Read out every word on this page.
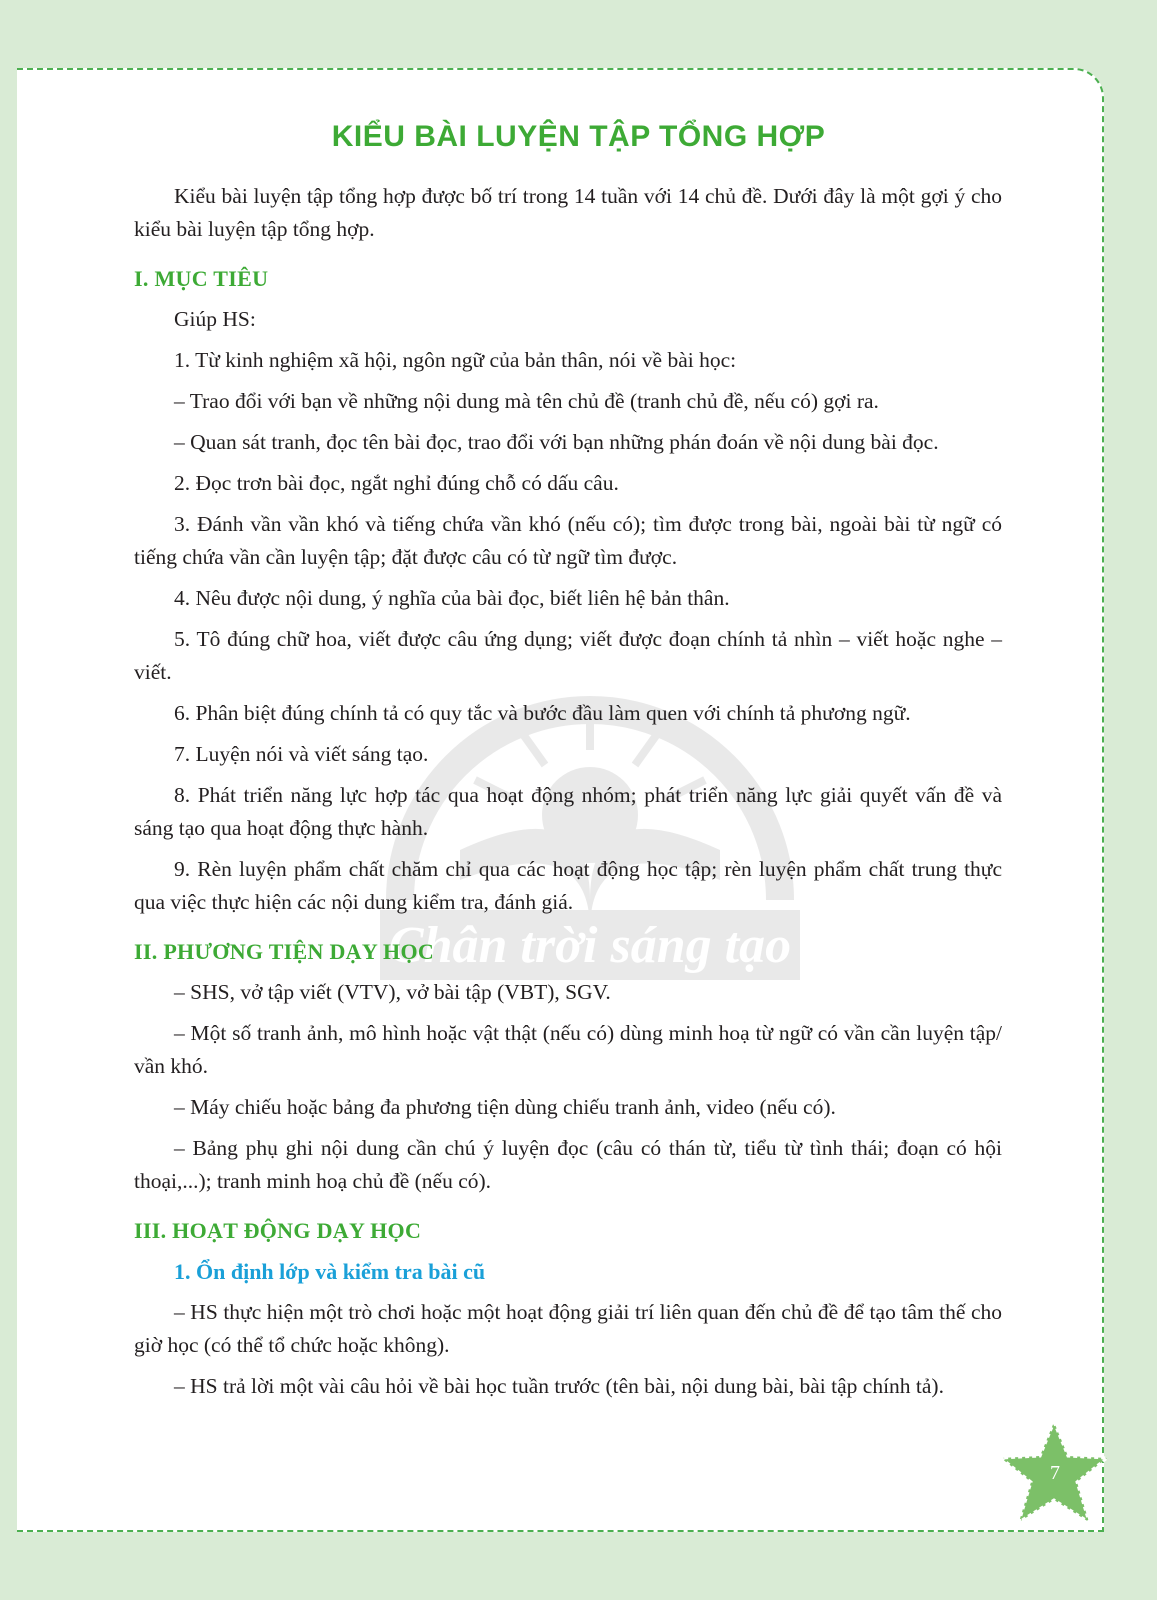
KIỂU BÀI LUYỆN TẬP TỔNG HỢP

Kiểu bài luyện tập tổng hợp được bố trí trong 14 tuần với 14 chủ đề. Dưới đây là một gợi ý cho kiểu bài luyện tập tổng hợp.

I. MỤC TIÊU

Giúp HS:

1. Từ kinh nghiệm xã hội, ngôn ngữ của bản thân, nói về bài học:

– Trao đổi với bạn về những nội dung mà tên chủ đề (tranh chủ đề, nếu có) gợi ra.

– Quan sát tranh, đọc tên bài đọc, trao đổi với bạn những phán đoán về nội dung bài đọc.

2. Đọc trơn bài đọc, ngắt nghỉ đúng chỗ có dấu câu.

3. Đánh vần vần khó và tiếng chứa vần khó (nếu có); tìm được trong bài, ngoài bài từ ngữ có tiếng chứa vần cần luyện tập; đặt được câu có từ ngữ tìm được.

4. Nêu được nội dung, ý nghĩa của bài đọc, biết liên hệ bản thân.

5. Tô đúng chữ hoa, viết được câu ứng dụng; viết được đoạn chính tả nhìn – viết hoặc nghe – viết.

6. Phân biệt đúng chính tả có quy tắc và bước đầu làm quen với chính tả phương ngữ.

7. Luyện nói và viết sáng tạo.

8. Phát triển năng lực hợp tác qua hoạt động nhóm; phát triển năng lực giải quyết vấn đề và sáng tạo qua hoạt động thực hành.

9. Rèn luyện phẩm chất chăm chỉ qua các hoạt động học tập; rèn luyện phẩm chất trung thực qua việc thực hiện các nội dung kiểm tra, đánh giá.

II. PHƯƠNG TIỆN DẠY HỌC

– SHS, vở tập viết (VTV), vở bài tập (VBT), SGV.

– Một số tranh ảnh, mô hình hoặc vật thật (nếu có) dùng minh hoạ từ ngữ có vần cần luyện tập/ vần khó.

– Máy chiếu hoặc bảng đa phương tiện dùng chiếu tranh ảnh, video (nếu có).

– Bảng phụ ghi nội dung cần chú ý luyện đọc (câu có thán từ, tiểu từ tình thái; đoạn có hội thoại,...); tranh minh hoạ chủ đề (nếu có).

III. HOẠT ĐỘNG DẠY HỌC
1. Ổn định lớp và kiểm tra bài cũ

– HS thực hiện một trò chơi hoặc một hoạt động giải trí liên quan đến chủ đề để tạo tâm thế cho giờ học (có thể tổ chức hoặc không).

– HS trả lời một vài câu hỏi về bài học tuần trước (tên bài, nội dung bài, bài tập chính tả).

7
